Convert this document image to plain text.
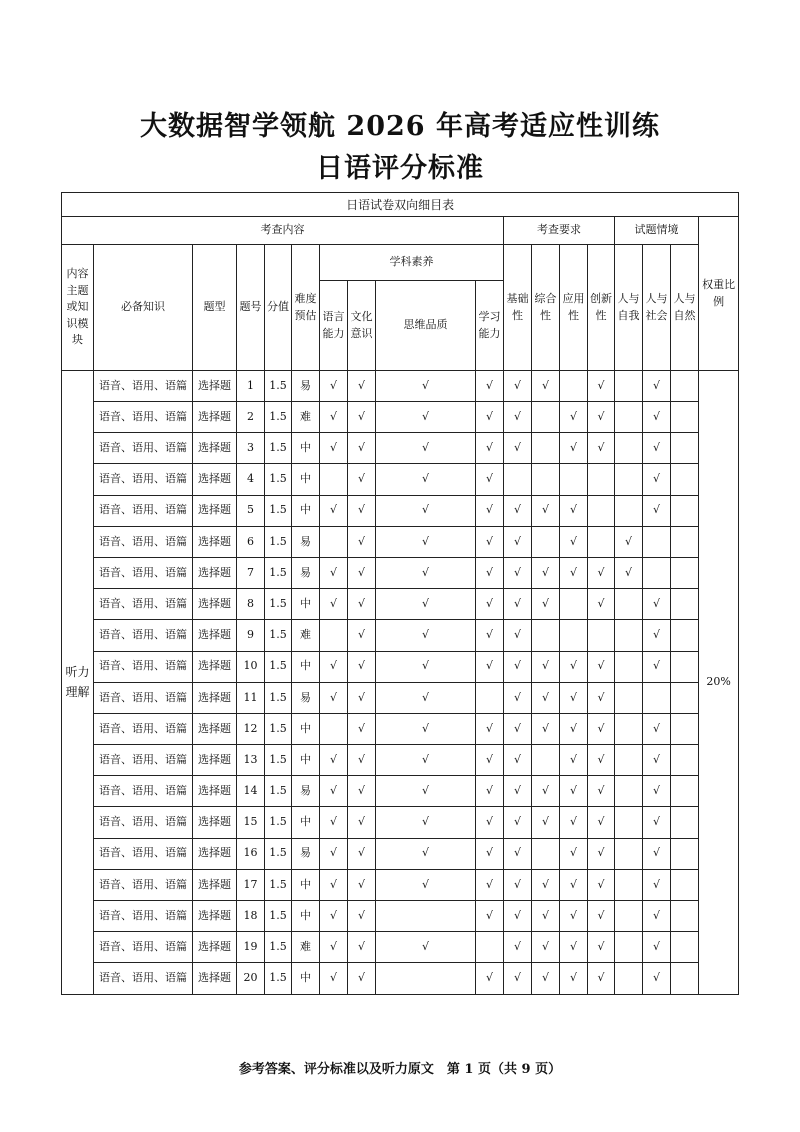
大数据智学领航 2026 年高考适应性训练
日语评分标准
日语试卷双向细目表																	
考查内容										考查要求				试题情境			权重比例
内容主题或知识模块	必备知识	题型	题号	分值	难度预估	学科素养				基础性	综合性	应用性	创新性	人与自我	人与社会	人与自然	
						语言能力	文化意识	思维品质	学习能力								
听力理解	语音、语用、语篇	选择题	1	1.5	易	√	√	√	√	√	√		√		√		20%
	语音、语用、语篇	选择题	2	1.5	难	√	√	√	√	√		√	√		√		
	语音、语用、语篇	选择题	3	1.5	中	√	√	√	√	√		√	√		√		
	语音、语用、语篇	选择题	4	1.5	中		√	√	√						√		
	语音、语用、语篇	选择题	5	1.5	中	√	√	√	√	√	√	√			√		
	语音、语用、语篇	选择题	6	1.5	易		√	√	√	√		√		√			
	语音、语用、语篇	选择题	7	1.5	易	√	√	√	√	√	√	√	√	√			
	语音、语用、语篇	选择题	8	1.5	中	√	√	√	√	√	√		√		√		
	语音、语用、语篇	选择题	9	1.5	难		√	√	√	√					√		
	语音、语用、语篇	选择题	10	1.5	中	√	√	√	√	√	√	√	√		√		
	语音、语用、语篇	选择题	11	1.5	易	√	√	√		√	√	√	√				
	语音、语用、语篇	选择题	12	1.5	中		√	√	√	√	√	√	√		√		
	语音、语用、语篇	选择题	13	1.5	中	√	√	√	√	√		√	√		√		
	语音、语用、语篇	选择题	14	1.5	易	√	√	√	√	√	√	√	√		√		
	语音、语用、语篇	选择题	15	1.5	中	√	√	√	√	√	√	√	√		√		
	语音、语用、语篇	选择题	16	1.5	易	√	√	√	√	√		√	√		√		
	语音、语用、语篇	选择题	17	1.5	中	√	√	√	√	√	√	√	√		√		
	语音、语用、语篇	选择题	18	1.5	中	√	√		√	√	√	√	√		√		
	语音、语用、语篇	选择题	19	1.5	难	√	√	√		√	√	√	√		√		
	语音、语用、语篇	选择题	20	1.5	中	√	√		√	√	√	√	√		√		
参考答案、评分标准以及听力原文　第 1 页（共 9 页）
